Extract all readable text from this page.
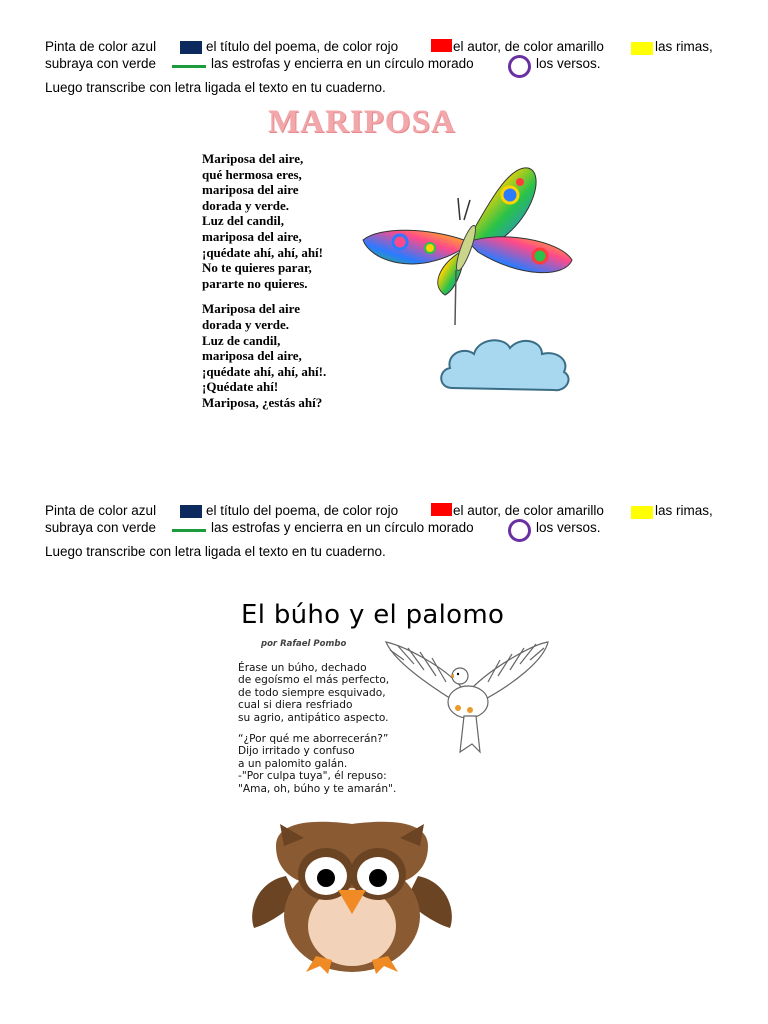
Pinta de color azul	el título del poema, de color rojo	el autor, de color amarillo	las rimas,
subraya con verde	las estrofas y encierra en un círculo morado	los versos.
Luego transcribe con letra ligada el texto en tu cuaderno.
MARIPOSA
Mariposa del aire,
qué hermosa eres,
mariposa del aire
dorada y verde.
Luz del candil,
mariposa del aire,
¡quédate ahí, ahí, ahí!
No te quieres parar,
pararte no quieres.
Mariposa del aire
dorada y verde.
Luz de candil,
mariposa del aire,
¡quédate ahí, ahí, ahí!.
¡Quédate ahí!
Mariposa, ¿estás ahí?
Pinta de color azul	el título del poema, de color rojo	el autor, de color amarillo	las rimas,
subraya con verde	las estrofas y encierra en un círculo morado	los versos.
Luego transcribe con letra ligada el texto en tu cuaderno.
El búho y el palomo
por Rafael Pombo
Érase un búho, dechado
de egoísmo el más perfecto,
de todo siempre esquivado,
cual si diera resfriado
su agrio, antipático aspecto.
“¿Por qué me aborrecerán?”
Dijo irritado y confuso
a un palomito galán.
-"Por culpa tuya", él repuso:
"Ama, oh, búho y te amarán".
